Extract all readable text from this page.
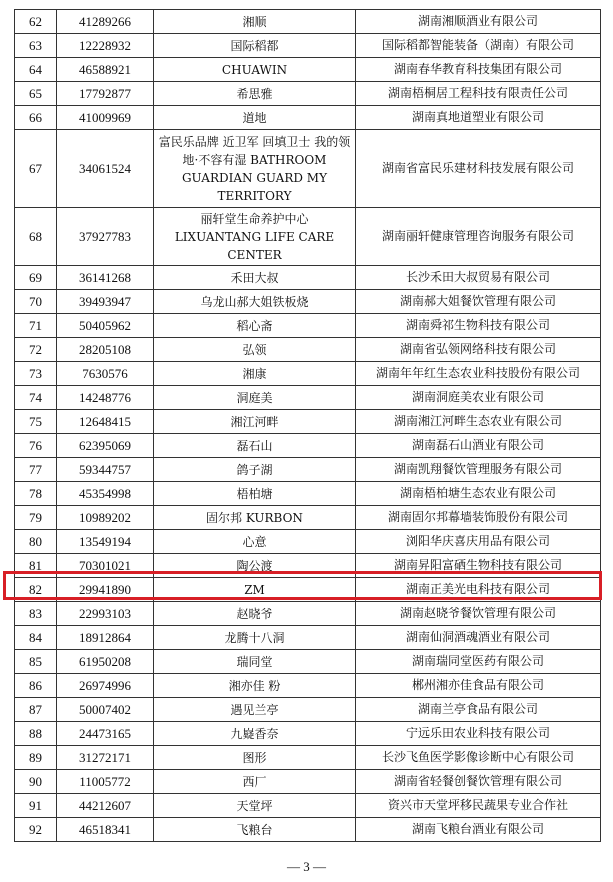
62	41289266	湘顺	湖南湘顺酒业有限公司
63	12228932	国际稻都	国际稻都智能装备（湖南）有限公司
64	46588921	CHUAWIN	湖南春华教育科技集团有限公司
65	17792877	希思雅	湖南梧桐居工程科技有限责任公司
66	41009969	道地	湖南真地道塑业有限公司
67	34061524	富民乐品牌 近卫军 回填卫士 我的领地·不容有湿 BATHROOM GUARDIAN GUARD MY TERRITORY	湖南省富民乐建材科技发展有限公司
68	37927783	丽轩堂生命养护中心 LIXUANTANG LIFE CARE CENTER	湖南丽轩健康管理咨询服务有限公司
69	36141268	禾田大叔	长沙禾田大叔贸易有限公司
70	39493947	乌龙山郝大姐铁板烧	湖南郝大姐餐饮管理有限公司
71	50405962	稻心斋	湖南舜祁生物科技有限公司
72	28205108	弘领	湖南省弘领网络科技有限公司
73	7630576	湘康	湖南年年红生态农业科技股份有限公司
74	14248776	洞庭美	湖南洞庭美农业有限公司
75	12648415	湘江河畔	湖南湘江河畔生态农业有限公司
76	62395069	磊石山	湖南磊石山酒业有限公司
77	59344757	鸽子湖	湖南凯翔餐饮管理服务有限公司
78	45354998	梧柏塘	湖南梧柏塘生态农业有限公司
79	10989202	固尔邦 KURBON	湖南固尔邦幕墙装饰股份有限公司
80	13549194	心意	浏阳华庆喜庆用品有限公司
81	70301021	陶公渡	湖南昇阳富硒生物科技有限公司
82	29941890	ZM	湖南正美光电科技有限公司
83	22993103	赵晓爷	湖南赵晓爷餐饮管理有限公司
84	18912864	龙腾十八洞	湖南仙洞酒魂酒业有限公司
85	61950208	瑞同堂	湖南瑞同堂医药有限公司
86	26974996	湘亦佳 粉	郴州湘亦佳食品有限公司
87	50007402	遇见兰亭	湖南兰亭食品有限公司
88	24473165	九嶷香奈	宁远乐田农业科技有限公司
89	31272171	图形	长沙飞鱼医学影像诊断中心有限公司
90	11005772	西厂	湖南省轻餐创餐饮管理有限公司
91	44212607	天堂坪	资兴市天堂坪移民蔬果专业合作社
92	46518341	飞粮台	湖南飞粮台酒业有限公司
— 3 —
